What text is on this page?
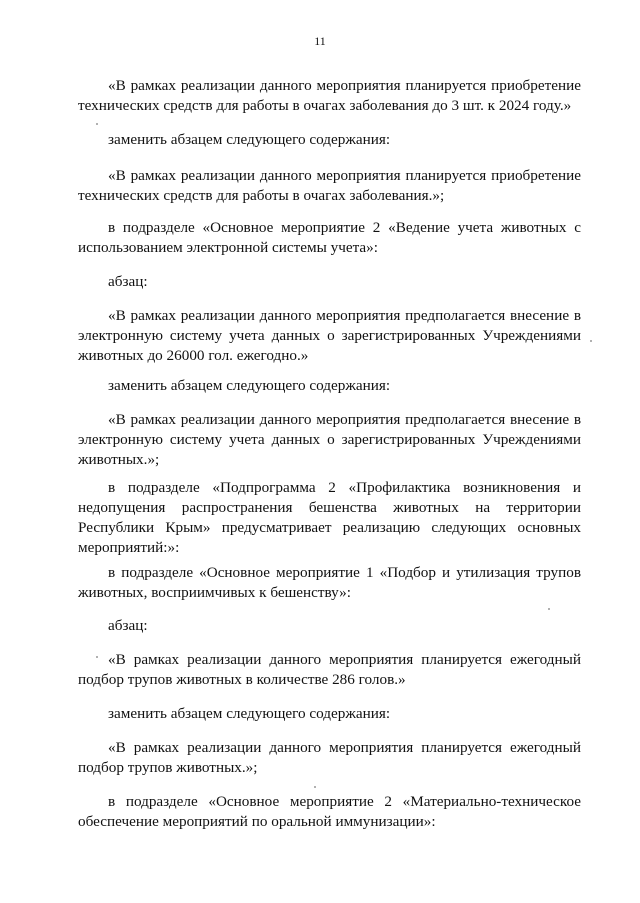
11

«В рамках реализации данного мероприятия планируется приобретение технических средств для работы в очагах заболевания до 3 шт. к 2024 году.»

заменить абзацем следующего содержания:

«В рамках реализации данного мероприятия планируется приобретение технических средств для работы в очагах заболевания.»;

в подразделе «Основное мероприятие 2 «Ведение учета животных с использованием электронной системы учета»:

абзац:

«В рамках реализации данного мероприятия предполагается внесение в электронную систему учета данных о зарегистрированных Учреждениями животных до 26000 гол. ежегодно.»

заменить абзацем следующего содержания:

«В рамках реализации данного мероприятия предполагается внесение в электронную систему учета данных о зарегистрированных Учреждениями животных.»;

в подразделе «Подпрограмма 2 «Профилактика возникновения и недопущения распространения бешенства животных на территории Республики Крым» предусматривает реализацию следующих основных мероприятий:»:

в подразделе «Основное мероприятие 1 «Подбор и утилизация трупов животных, восприимчивых к бешенству»:

абзац:

«В рамках реализации данного мероприятия планируется ежегодный подбор трупов животных в количестве 286 голов.»

заменить абзацем следующего содержания:

«В рамках реализации данного мероприятия планируется ежегодный подбор трупов животных.»;

в подразделе «Основное мероприятие 2 «Материально-техническое обеспечение мероприятий по оральной иммунизации»:
